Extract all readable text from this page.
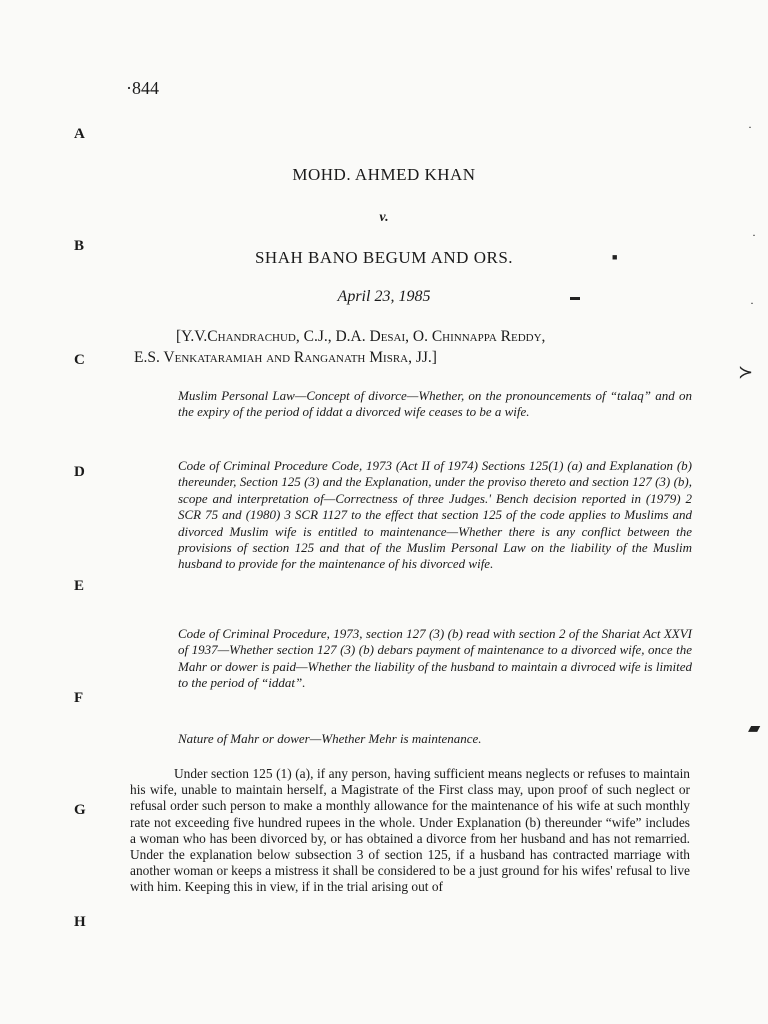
·844
A
B
C
D
E
F
G
H
MOHD. AHMED KHAN
v.
SHAH BANO BEGUM AND ORS.
April 23, 1985
[Y.V.Chandrachud, C.J., D.A. Desai, O. Chinnappa Reddy,
E.S. Venkataramiah and Ranganath Misra, JJ.]
Muslim Personal Law—Concept of divorce—Whether, on the pronouncements of “talaq” and on the expiry of the period of iddat a divorced wife ceases to be a wife.
Code of Criminal Procedure Code, 1973 (Act II of 1974) Sections 125(1) (a) and Explanation (b) thereunder, Section 125 (3) and the Explanation, under the proviso thereto and section 127 (3) (b), scope and interpretation of—Correctness of three Judges.' Bench decision reported in (1979) 2 SCR 75 and (1980) 3 SCR 1127 to the effect that section 125 of the code applies to Muslims and divorced Muslim wife is entitled to maintenance—Whether there is any conflict between the provisions of section 125 and that of the Muslim Personal Law on the liability of the Muslim husband to provide for the maintenance of his divorced wife.
Code of Criminal Procedure, 1973, section 127 (3) (b) read with section 2 of the Shariat Act XXVI of 1937—Whether section 127 (3) (b) debars payment of maintenance to a divorced wife, once the Mahr or dower is paid—Whether the liability of the husband to maintain a divroced wife is limited to the period of “iddat”.
Nature of Mahr or dower—Whether Mehr is maintenance.
Under section 125 (1) (a), if any person, having sufficient means neglects or refuses to maintain his wife, unable to maintain herself, a Magistrate of the First class may, upon proof of such neglect or refusal order such person to make a monthly allowance for the maintenance of his wife at such monthly rate not exceeding five hundred rupees in the whole. Under Explanation (b) thereunder “wife” includes a woman who has been divorced by, or has obtained a divorce from her husband and has not remarried. Under the explanation below subsection 3 of section 125, if a husband has contracted marriage with another woman or keeps a mistress it shall be considered to be a just ground for his wifes' refusal to live with him. Keeping this in view, if in the trial arising out of
■
·
·
·
≻
▰
▬
